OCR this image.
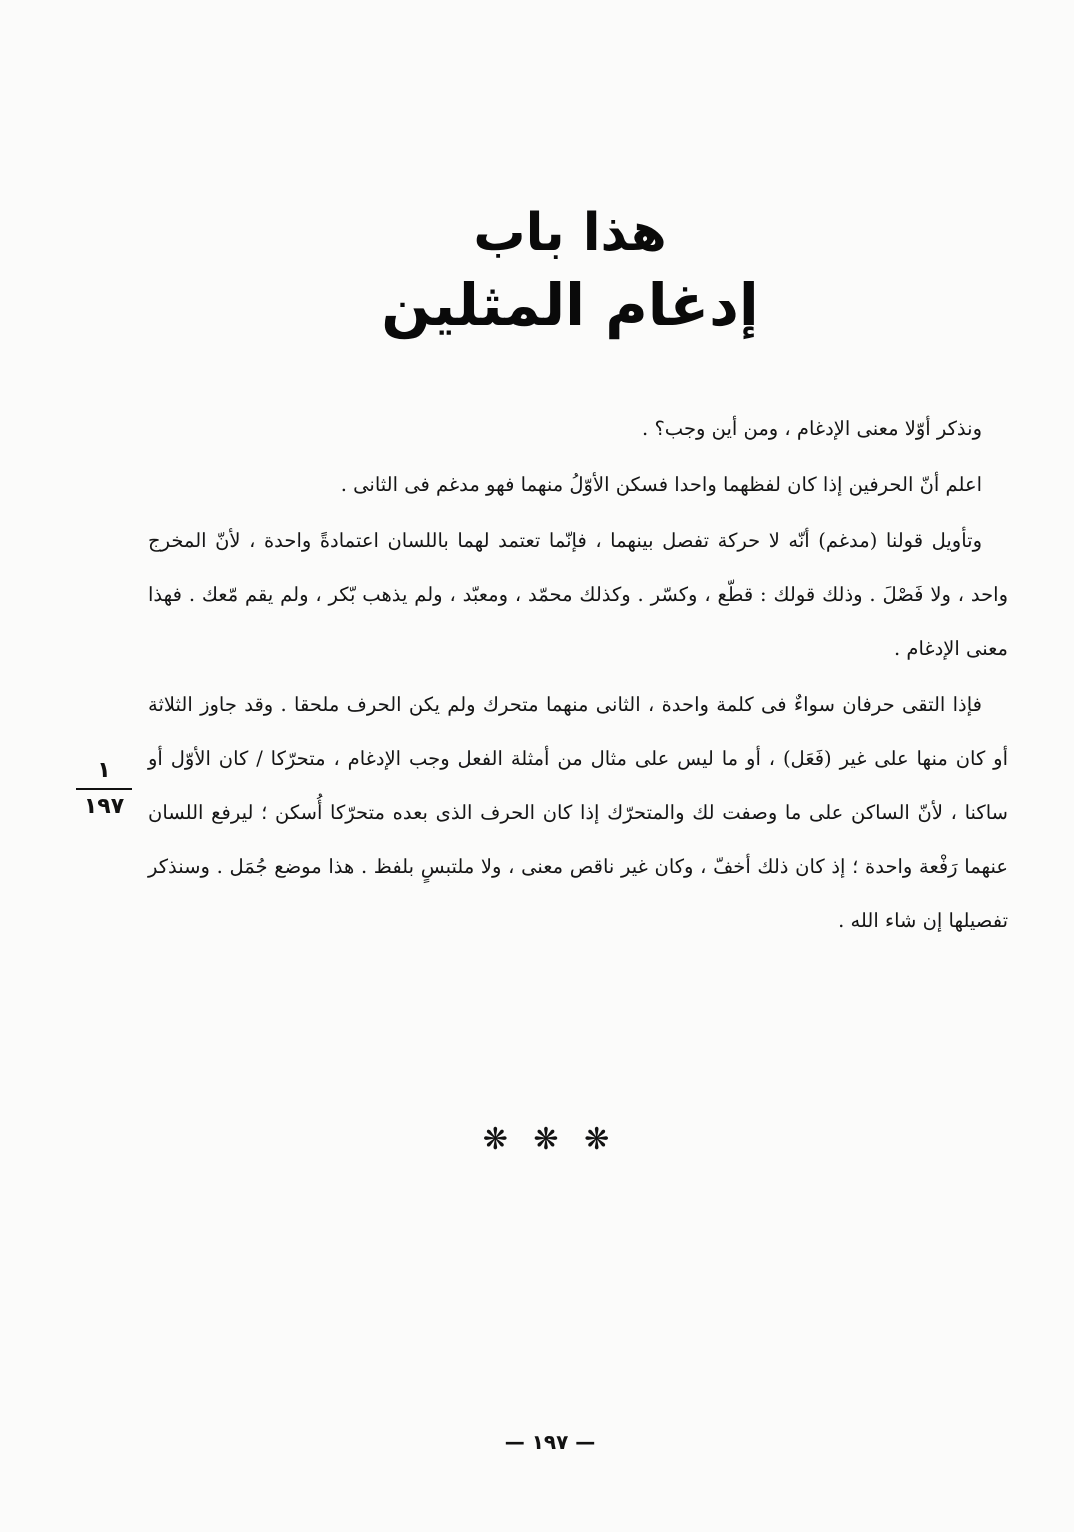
هذا باب
إدغام المثلين

ونذكر أوّلا معنى الإدغام ، ومن أين وجب؟ .

اعلم أنّ الحرفين إذا كان لفظهما واحدا فسكن الأوّلُ منهما فهو مدغم فى الثانى .

وتأويل قولنا (مدغم) أنّه لا حركة تفصل بينهما ، فإنّما تعتمد لهما باللسان اعتمادةً واحدة ، لأنّ المخرج واحد ، ولا فَصْلَ . وذلك قولك : قطّع ، وكسّر . وكذلك محمّد ، ومعبّد ، ولم يذهب بّكر ، ولم يقم مّعك . فهذا معنى الإدغام .

فإذا التقى حرفان سواءٌ فى كلمة واحدة ، الثانى منهما متحرك ولم يكن الحرف ملحقا . وقد جاوز الثلاثة أو كان منها على غير (فَعَل) ، أو ما ليس على مثال من أمثلة الفعل وجب الإدغام ، متحرّكا / كان الأوّل أو ساكنا ، لأنّ الساكن على ما وصفت لك والمتحرّك إذا كان الحرف الذى بعده متحرّكا أُسكن ؛ ليرفع اللسان عنهما رَفْعة واحدة ؛ إذ كان ذلك أخفّ ، وكان غير ناقص معنى ، ولا ملتبسٍ بلفظ . هذا موضع جُمَل . وسنذكر تفصيلها إن شاء الله .

١
١٩٧
❋ ❋ ❋
— ١٩٧ —
